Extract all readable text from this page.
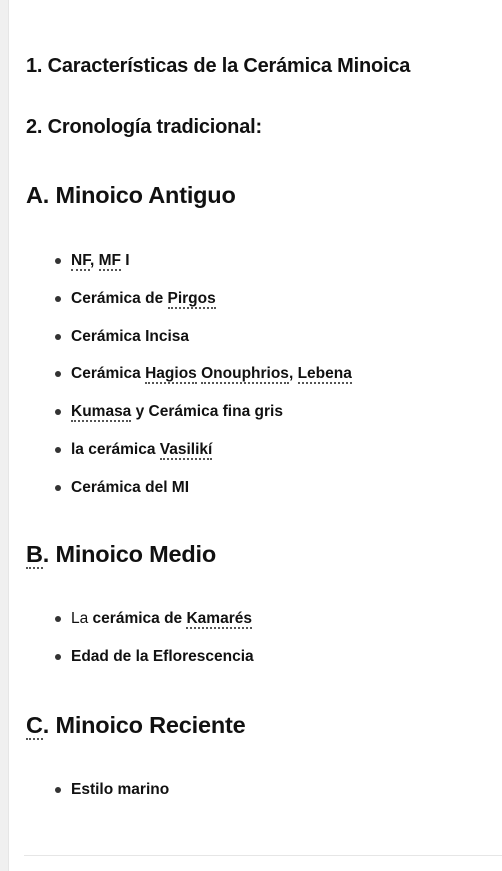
1. Características de la Cerámica Minoica
2. Cronología tradicional:
A. Minoico Antiguo
NF, MF I
Cerámica de Pirgos
Cerámica Incisa
Cerámica Hagios Onouphrios, Lebena
Kumasa y Cerámica fina gris
la cerámica Vasilikí
Cerámica del MI
B. Minoico Medio
La cerámica de Kamarés
Edad de la Eflorescencia
C. Minoico Reciente
Estilo marino
